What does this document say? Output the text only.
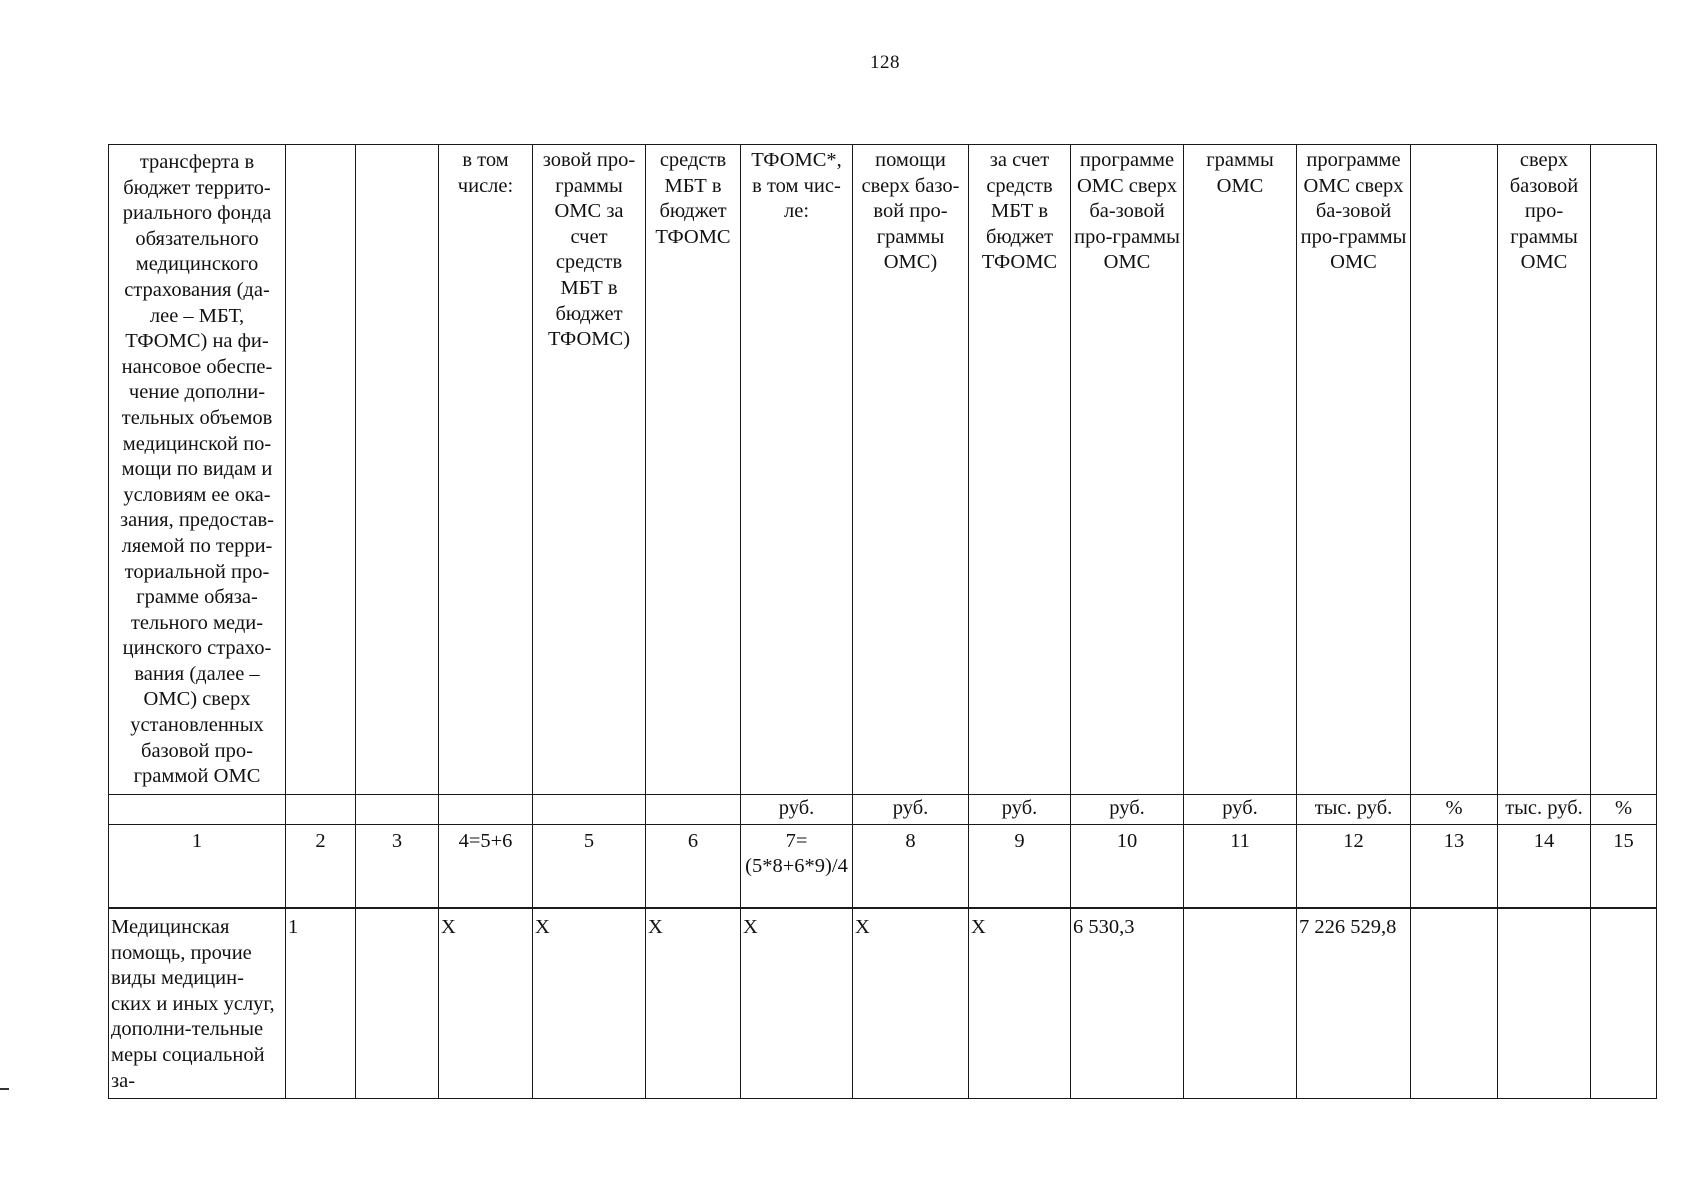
128
трансферта в бюджет террито-риального фонда обязательного медицинского страхования (да-лее – МБТ, ТФОМС) на фи-нансовое обеспе-чение дополни-тельных объемов медицинской по-мощи по видам и условиям ее ока-зания, предостав-ляемой по терри-ториальной про-грамме обяза-тельного меди-цинского страхо-вания (далее – ОМС) сверх установленных базовой про-граммой ОМС			в том числе:	зовой про-граммы ОМС за счет средств МБТ в бюджет ТФОМС)	средств МБТ в бюджет ТФОМС	ТФОМС*, в том чис-ле:	помощи сверх базо-вой про-граммы ОМС)	за счет средств МБТ в бюджет ТФОМС	программе ОМС сверх ба-зовой про-граммы ОМС	граммы ОМС	программе ОМС сверх ба-зовой про-граммы ОМС		сверх базовой про-граммы ОМС	
						руб.	руб.	руб.	руб.	руб.	тыс. руб.	%	тыс. руб.	%
1	2	3	4=5+6	5	6	7=(5*8+6*9)/4	8	9	10	11	12	13	14	15
Медицинская помощь, прочие виды медицин-ских и иных услуг, дополни-тельные меры социальной за-	1		X	X	X	X	X	X	6 530,3		7 226 529,8			
